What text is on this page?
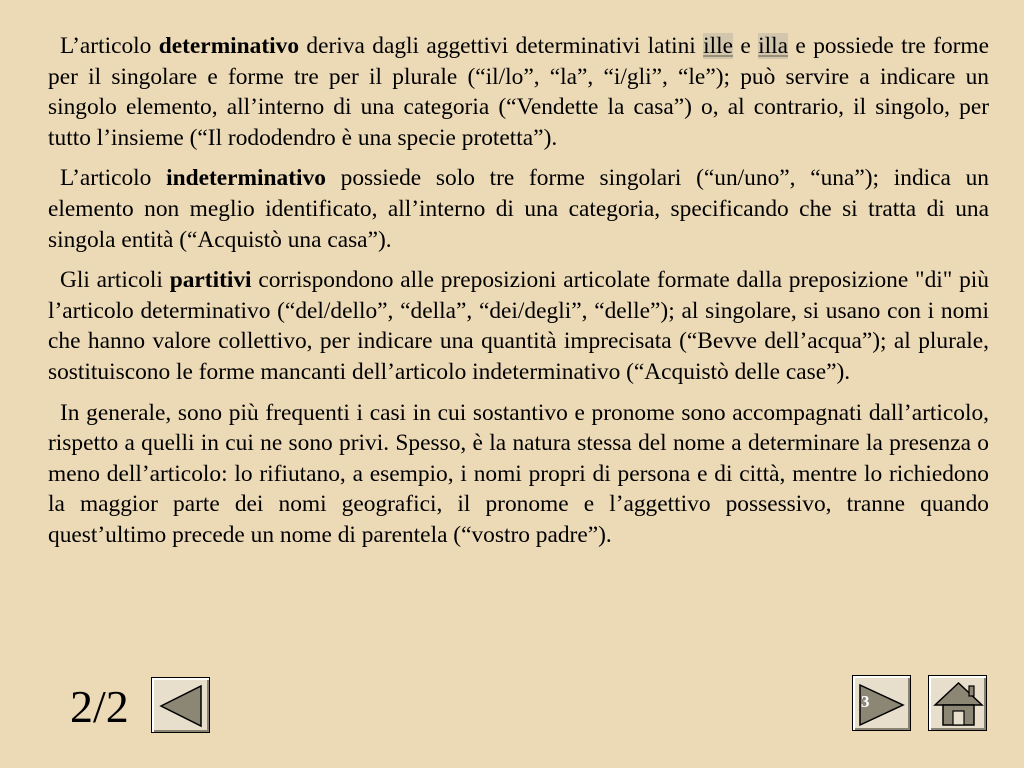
L’articolo determinativo deriva dagli aggettivi determinativi latini ille e illa e possiede tre forme per il singolare e forme tre per il plurale (“il/lo”, “la”, “i/gli”, “le”); può servire a indicare un singolo elemento, all’interno di una categoria (“Vendette la casa”) o, al contrario, il singolo, per tutto l’insieme (“Il rododendro è una specie protetta”).

L’articolo indeterminativo possiede solo tre forme singolari (“un/uno”, “una”); indica un elemento non meglio identificato, all’interno di una categoria, specificando che si tratta di una singola entità (“Acquistò una casa”).

Gli articoli partitivi corrispondono alle preposizioni articolate formate dalla preposizione "di" più l’articolo determinativo (“del/dello”, “della”, “dei/degli”, “delle”); al singolare, si usano con i nomi che hanno valore collettivo, per indicare una quantità imprecisata (“Bevve dell’acqua”); al plurale, sostituiscono le forme mancanti dell’articolo indeterminativo (“Acquistò delle case”).

In generale, sono più frequenti i casi in cui sostantivo e pronome sono accompagnati dall’articolo, rispetto a quelli in cui ne sono privi. Spesso, è la natura stessa del nome a determinare la presenza o meno dell’articolo: lo rifiutano, a esempio, i nomi propri di persona e di città, mentre lo richiedono la maggior parte dei nomi geografici, il pronome e l’aggettivo possessivo, tranne quando quest’ultimo precede un nome di parentela (“vostro padre”).

2/2	3
